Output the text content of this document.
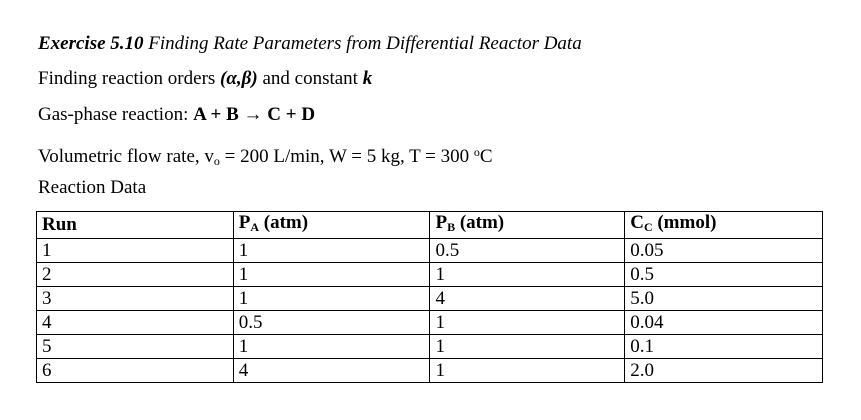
Exercise 5.10 Finding Rate Parameters from Differential Reactor Data
Finding reaction orders (α,β) and constant k
Gas-phase reaction: A + B → C + D
Volumetric flow rate, $v_o = 200$ L/min, W = 5 kg, T = 300 $^o$C
Reaction Data
Run	$P_A$ (atm)	$P_B$ (atm)	$C_C$ (mmol)
1	1	0.5	0.05
2	1	1	0.5
3	1	4	5.0
4	0.5	1	0.04
5	1	1	0.1
6	4	1	2.0
